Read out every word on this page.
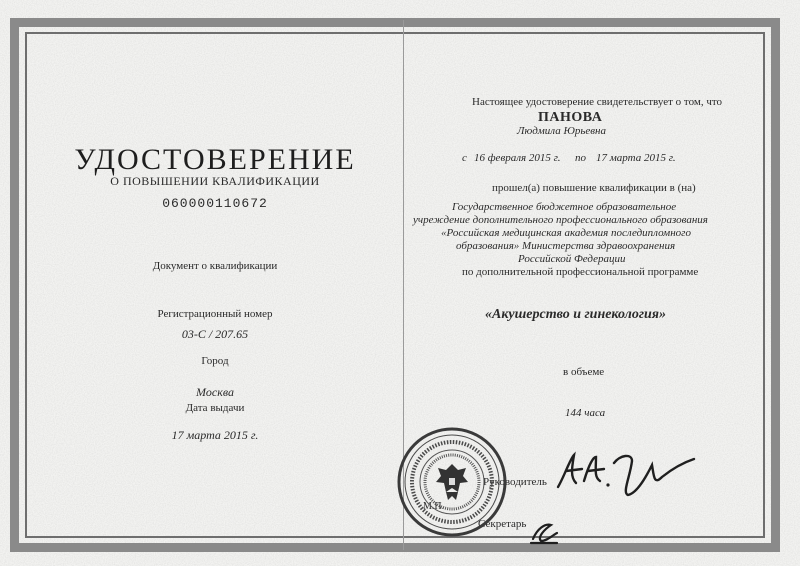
УДОСТОВЕРЕНИЕ
О ПОВЫШЕНИИ КВАЛИФИКАЦИИ
060000110672
Документ о квалификации
Регистрационный номер
03-С / 207.65
Город
Москва
Дата выдачи
17 марта 2015 г.
Настоящее удостоверение свидетельствует о том, что
ПАНОВА
Людмила Юрьевна
с 16 февраля 2015 г. по 17 марта 2015 г.
прошел(а) повышение квалификации в (на)
Государственное бюджетное образовательное
учреждение дополнительного профессионального образования
«Российская медицинская академия последипломного
образования» Министерства здравоохранения
Российской Федерации
по дополнительной профессиональной программе
«Акушерство и гинекология»
в объеме
144 часа
Руководитель
Секретарь
М.П.
